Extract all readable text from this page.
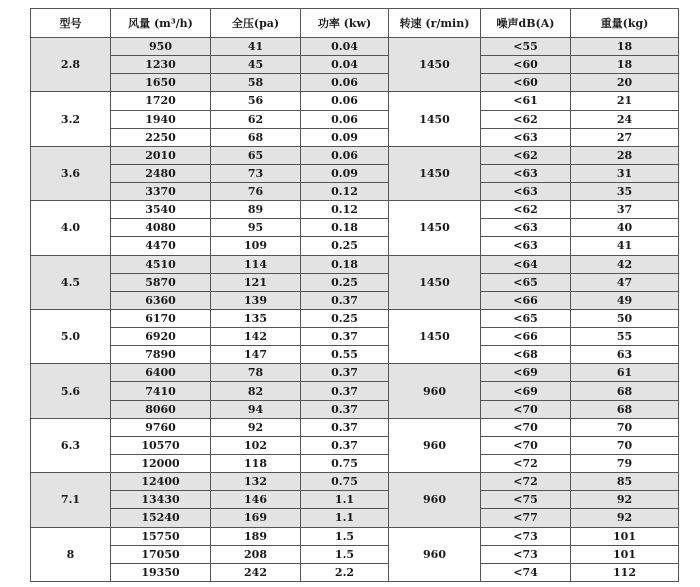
型号	风量 (m³/h)	全压(pa)	功率 (kw)	转速 (r/min)	噪声dB(A)	重量(kg)
2.8	950	41	0.04	1450	<55	18
	1230	45	0.04		<60	18
	1650	58	0.06		<60	20
3.2	1720	56	0.06	1450	<61	21
	1940	62	0.06		<62	24
	2250	68	0.09		<63	27
3.6	2010	65	0.06	1450	<62	28
	2480	73	0.09		<63	31
	3370	76	0.12		<63	35
4.0	3540	89	0.12	1450	<62	37
	4080	95	0.18		<63	40
	4470	109	0.25		<63	41
4.5	4510	114	0.18	1450	<64	42
	5870	121	0.25		<65	47
	6360	139	0.37		<66	49
5.0	6170	135	0.25	1450	<65	50
	6920	142	0.37		<66	55
	7890	147	0.55		<68	63
5.6	6400	78	0.37	960	<69	61
	7410	82	0.37		<69	68
	8060	94	0.37		<70	68
6.3	9760	92	0.37	960	<70	70
	10570	102	0.37		<70	70
	12000	118	0.75		<72	79
7.1	12400	132	0.75	960	<72	85
	13430	146	1.1		<75	92
	15240	169	1.1		<77	92
8	15750	189	1.5	960	<73	101
	17050	208	1.5		<73	101
	19350	242	2.2		<74	112
